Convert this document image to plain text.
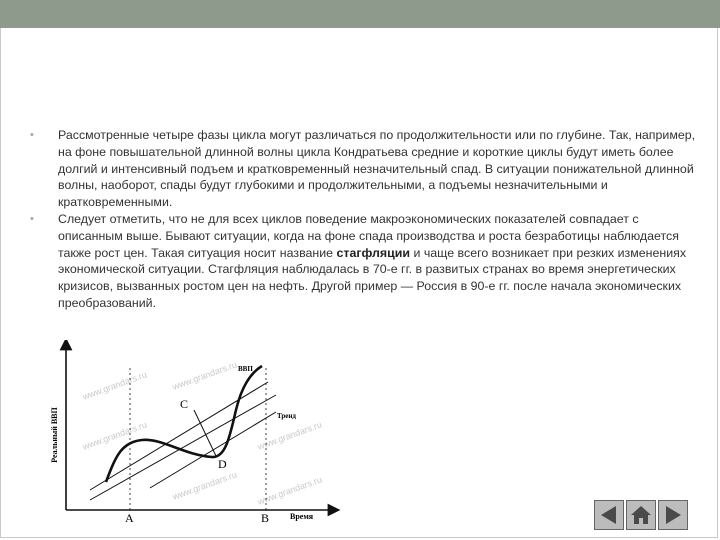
• Рассмотренные четыре фазы цикла могут различаться по продолжительности или по глубине. Так, например, на фоне повышательной длинной волны цикла Кондратьева средние и короткие циклы будут иметь более долгий и интенсивный подъем и кратковременный незначительный спад. В ситуации понижательной длинной волны, наоборот, спады будут глубокими и продолжительными, а подъемы незначительными и кратковременными.

• Следует отметить, что не для всех циклов поведение макроэкономических показателей совпадает с описанным выше. Бывают ситуации, когда на фоне спада производства и роста безработицы наблюдается также рост цен. Такая ситуация носит название стагфляции и чаще всего возникает при резких изменениях экономической ситуации. Стагфляция наблюдалась в 70-е гг. в развитых странах во время энергетических кризисов, вызванных ростом цен на нефть. Другой пример — Россия в 90-е гг. после начала экономических преобразований.

www.grandars.ru	www.grandars.ru
www.grandars.ru
www.grandars.ru
www.grandars.ru
www.grandars.ru
Реальный ВВП
Время
Тренд
ВВП
C
D
A	B
